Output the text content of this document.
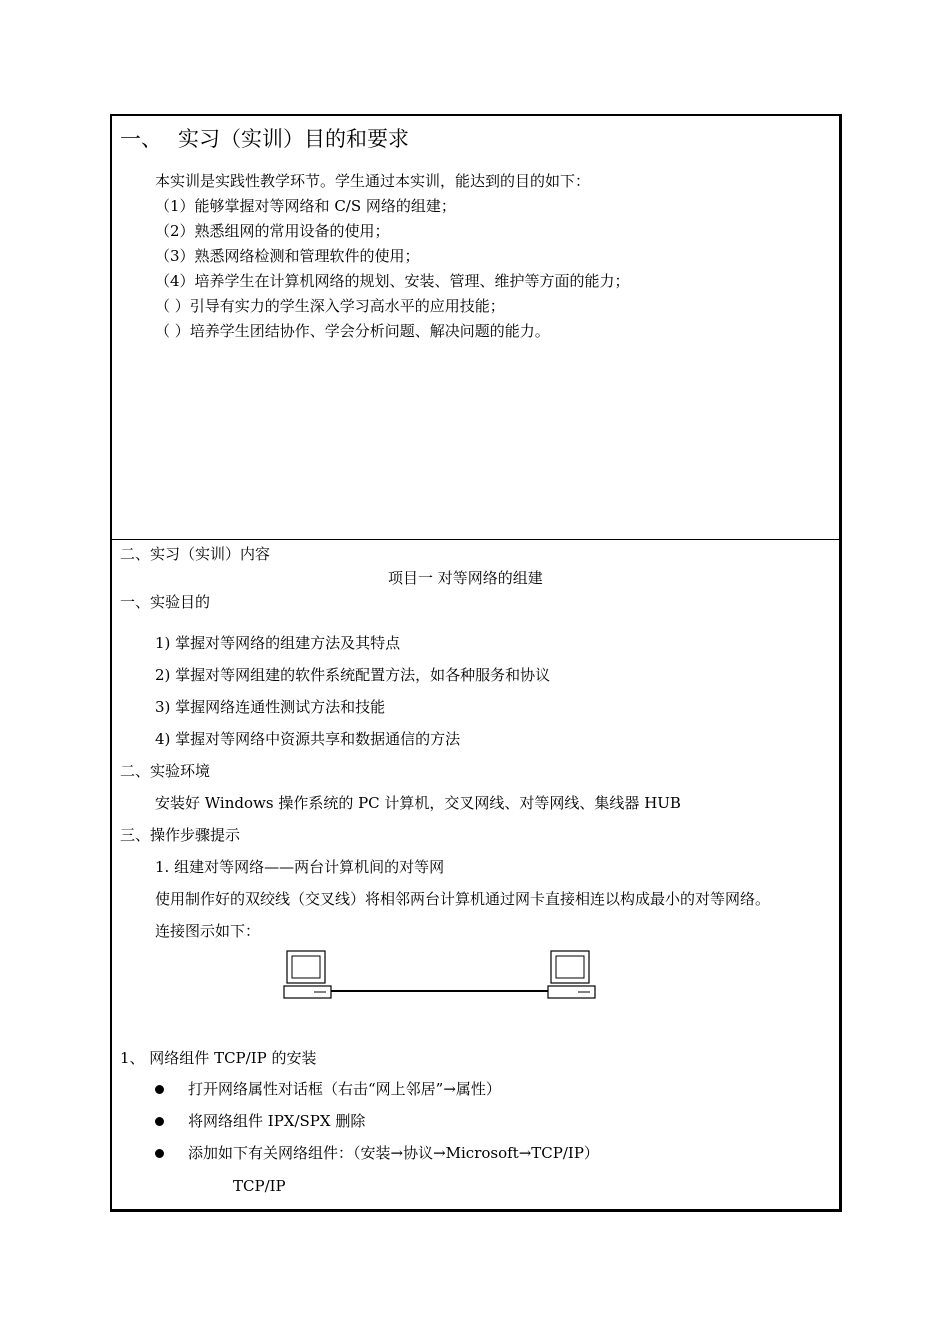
一、 实习（实训）目的和要求
本实训是实践性教学环节。学生通过本实训，能达到的目的如下：
（1）能够掌握对等网络和 C/S 网络的组建；
（2）熟悉组网的常用设备的使用；
（3）熟悉网络检测和管理软件的使用；
（4）培养学生在计算机网络的规划、安装、管理、维护等方面的能力；
（ ）引导有实力的学生深入学习高水平的应用技能；
（ ）培养学生团结协作、学会分析问题、解决问题的能力。
二、实习（实训）内容
项目一 对等网络的组建
一、实验目的
1) 掌握对等网络的组建方法及其特点
2) 掌握对等网组建的软件系统配置方法，如各种服务和协议
3) 掌握网络连通性测试方法和技能
4) 掌握对等网络中资源共享和数据通信的方法
二、实验环境
安装好 Windows 操作系统的 PC 计算机，交叉网线、对等网线、集线器 HUB
三、操作步骤提示
1. 组建对等网络——两台计算机间的对等网
使用制作好的双绞线（交叉线）将相邻两台计算机通过网卡直接相连以构成最小的对等网络。
连接图示如下：
1、 网络组件 TCP/IP 的安装
打开网络属性对话框（右击“网上邻居”→属性）
将网络组件 IPX/SPX 删除
添加如下有关网络组件：（安装→协议→Microsoft→TCP/IP）
TCP/IP
